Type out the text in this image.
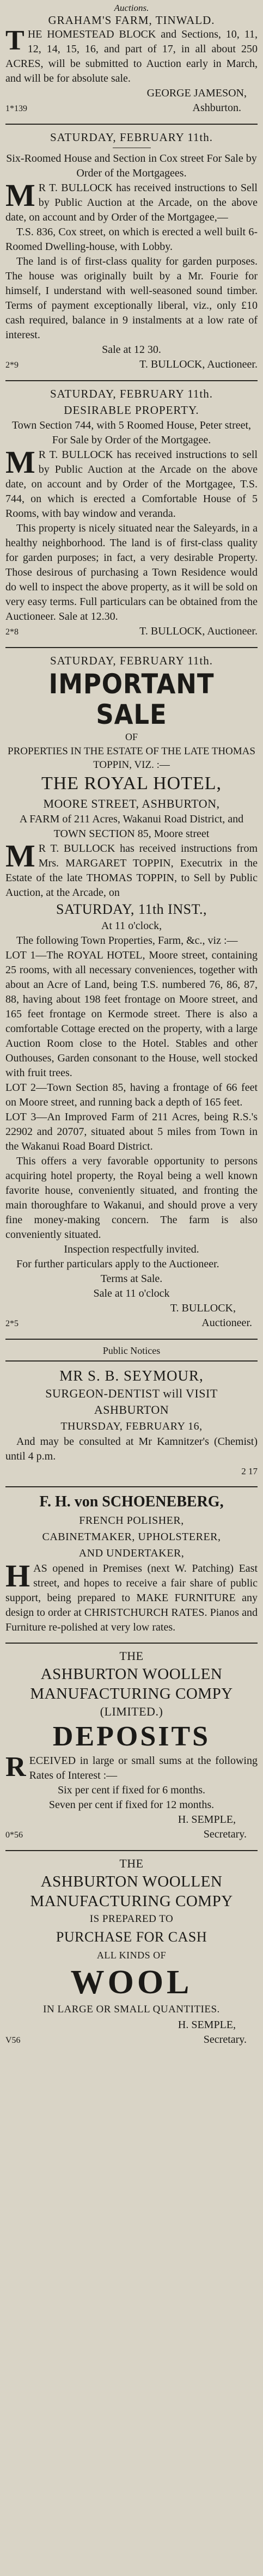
Auctions.

GRAHAM'S FARM, TINWALD.

THE HOMESTEAD BLOCK and Sections, 10, 11, 12, 14, 15, 16, and part of 17, in all about 250 ACRES, will be submitted to Auction early in March, and will be for absolute sale.

GEORGE JAMESON,

1*139	Ashburton.

SATURDAY, FEBRUARY 11th.

Six-Roomed House and Section in Cox street For Sale by Order of the Mortgagees.

M R T. BULLOCK has received instructions to Sell by Public Auction at the Arcade, on the above date, on account and by Order of the Mortgagee,—

T.S. 836, Cox street, on which is erected a well built 6-Roomed Dwelling-house, with Lobby.

The land is of first-class quality for garden purposes. The house was originally built by a Mr. Fourie for himself, I understand with well-seasoned sound timber. Terms of payment exceptionally liberal, viz., only £10 cash required, balance in 9 instalments at a low rate of interest.

Sale at 12 30.

2*9	T. BULLOCK, Auctioneer.

SATURDAY, FEBRUARY 11th.

DESIRABLE PROPERTY.

Town Section 744, with 5 Roomed House, Peter street, For Sale by Order of the Mortgagee.

M R T. BULLOCK has received instructions to sell by Public Auction at the Arcade on the above date, on account and by Order of the Mortgagee, T.S. 744, on which is erected a Comfortable House of 5 Rooms, with bay window and veranda.

This property is nicely situated near the Saleyards, in a healthy neighborhood. The land is of first-class quality for garden purposes; in fact, a very desirable Property. Those desirous of purchasing a Town Residence would do well to inspect the above property, as it will be sold on very easy terms. Full particulars can be obtained from the Auctioneer. Sale at 12.30.

2*8	T. BULLOCK, Auctioneer.

SATURDAY, FEBRUARY 11th.

IMPORTANT SALE

OF

PROPERTIES IN THE ESTATE OF THE LATE THOMAS TOPPIN, VIZ. :—

THE ROYAL HOTEL,

MOORE STREET, ASHBURTON,

A FARM of 211 Acres, Wakanui Road District, and TOWN SECTION 85, Moore street

M R T. BULLOCK has received instructions from Mrs. MARGARET TOPPIN, Executrix in the Estate of the late THOMAS TOPPIN, to Sell by Public Auction, at the Arcade, on

SATURDAY, 11th INST.,

At 11 o'clock,

The following Town Properties, Farm, &c., viz :—

LOT 1—The ROYAL HOTEL, Moore street, containing 25 rooms, with all necessary conveniences, together with about an Acre of Land, being T.S. numbered 76, 86, 87, 88, having about 198 feet frontage on Moore street, and 165 feet frontage on Kermode street. There is also a comfortable Cottage erected on the property, with a large Auction Room close to the Hotel. Stables and other Outhouses, Garden consonant to the House, well stocked with fruit trees.

LOT 2—Town Section 85, having a frontage of 66 feet on Moore street, and running back a depth of 165 feet.

LOT 3—An Improved Farm of 211 Acres, being R.S.'s 22902 and 20707, situated about 5 miles from Town in the Wakanui Road Board District.

This offers a very favorable opportunity to persons acquiring hotel property, the Royal being a well known favorite house, conveniently situated, and fronting the main thoroughfare to Wakanui, and should prove a very fine money-making concern. The farm is also conveniently situated.

Inspection respectfully invited.

For further particulars apply to the Auctioneer.

Terms at Sale.

Sale at 11 o'clock

T. BULLOCK,

2*5	Auctioneer.

Public Notices

MR S. B. SEYMOUR,

SURGEON-DENTIST will VISIT

ASHBURTON

THURSDAY, FEBRUARY 16,

And may be consulted at Mr Kamnitzer's (Chemist) until 4 p.m.

2 17

F. H. von SCHOENEBERG,

FRENCH POLISHER,

CABINETMAKER, UPHOLSTERER,

AND UNDERTAKER,

HAS opened in Premises (next W. Patching) East street, and hopes to receive a fair share of public support, being prepared to MAKE FURNITURE any design to order at CHRISTCHURCH RATES. Pianos and Furniture re-polished at very low rates.

THE

ASHBURTON WOOLLEN MANUFACTURING COMPY

(LIMITED.)

DEPOSITS

RECEIVED in large or small sums at the following Rates of Interest :—

Six per cent if fixed for 6 months.

Seven per cent if fixed for 12 months.

H. SEMPLE,

0*56	Secretary.

THE

ASHBURTON WOOLLEN MANUFACTURING COMPY

IS PREPARED TO

PURCHASE FOR CASH

ALL KINDS OF

WOOL

IN LARGE OR SMALL QUANTITIES.

H. SEMPLE,

V56	Secretary.
